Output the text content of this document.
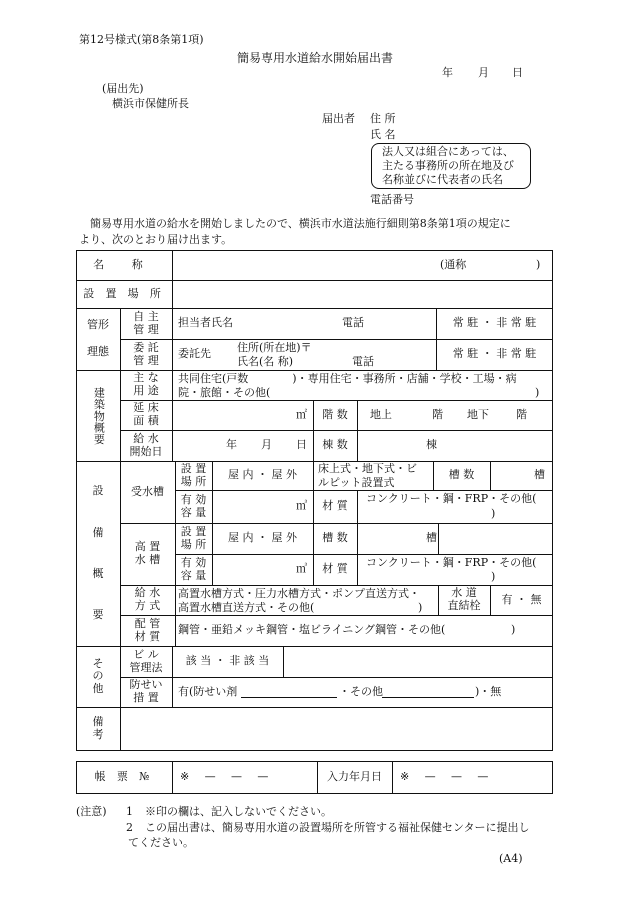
第12号様式(第8条第1項)
簡易専用水道給水開始届出書
年 月 日
(届出先)
横浜市保健所長
届出者 住 所
氏 名
法人又は組合にあっては、
主たる事務所の所在地及び
名称並びに代表者の氏名
電話番号
簡易専用水道の給水を開始しましたので、横浜市水道法施行細則第8条第1項の規定に
より、次のとおり届け出ます。
名 称	(通称	)
設 置 場 所
管形
理態
自 主
管 理 担当者氏名	電話	常 駐 ・ 非 常 駐
委 託
管 理 委託先 住所(所在地)〒
氏名(名 称)	電話
常 駐 ・ 非 常 駐
建築物概要
主 な
用 途
共同住宅(戸数　　　　)・専用住宅・事務所・店舗・学校・工場・病
院・旅館・その他(	)
延 床
面 積	㎡	階 数	地上	階 地下 階
給 水
開始日	年 月 日	棟 数	棟
設
備
概
要
受水槽
設 置
場 所	屋 内 ・ 屋 外	床上式・地下式・ビ
ルピット設置式
槽 数	槽
有 効
容 量	㎥	材 質
コンクリート・鋼・FRP・その他(
)
高 置
水 槽
設 置
場 所	屋 内 ・ 屋 外	槽 数	槽
有 効
容 量	㎥	材 質	コンクリート・鋼・FRP・その他(
)
給 水
方 式
高置水槽方式・圧力水槽方式・ポンプ直送方式・
高置水槽直送方式・その他(	)
水 道
直結栓	有 ・ 無
配 管
材 質 鋼管・亜鉛メッキ鋼管・塩ビライニング鋼管・その他(	)
そ
の
他
ビ ル
管理法	該 当 ・ 非 該 当
防せい
措 置 有(防せい剤	・その他	)・無
備
考
帳 票 № ※　—　—　—	入力年月日	※　—　—　—
(注意) 1 ※印の欄は、記入しないでください。
2 この届出書は、簡易専用水道の設置場所を所管する福祉保健センターに提出し
てください。
(A4)
